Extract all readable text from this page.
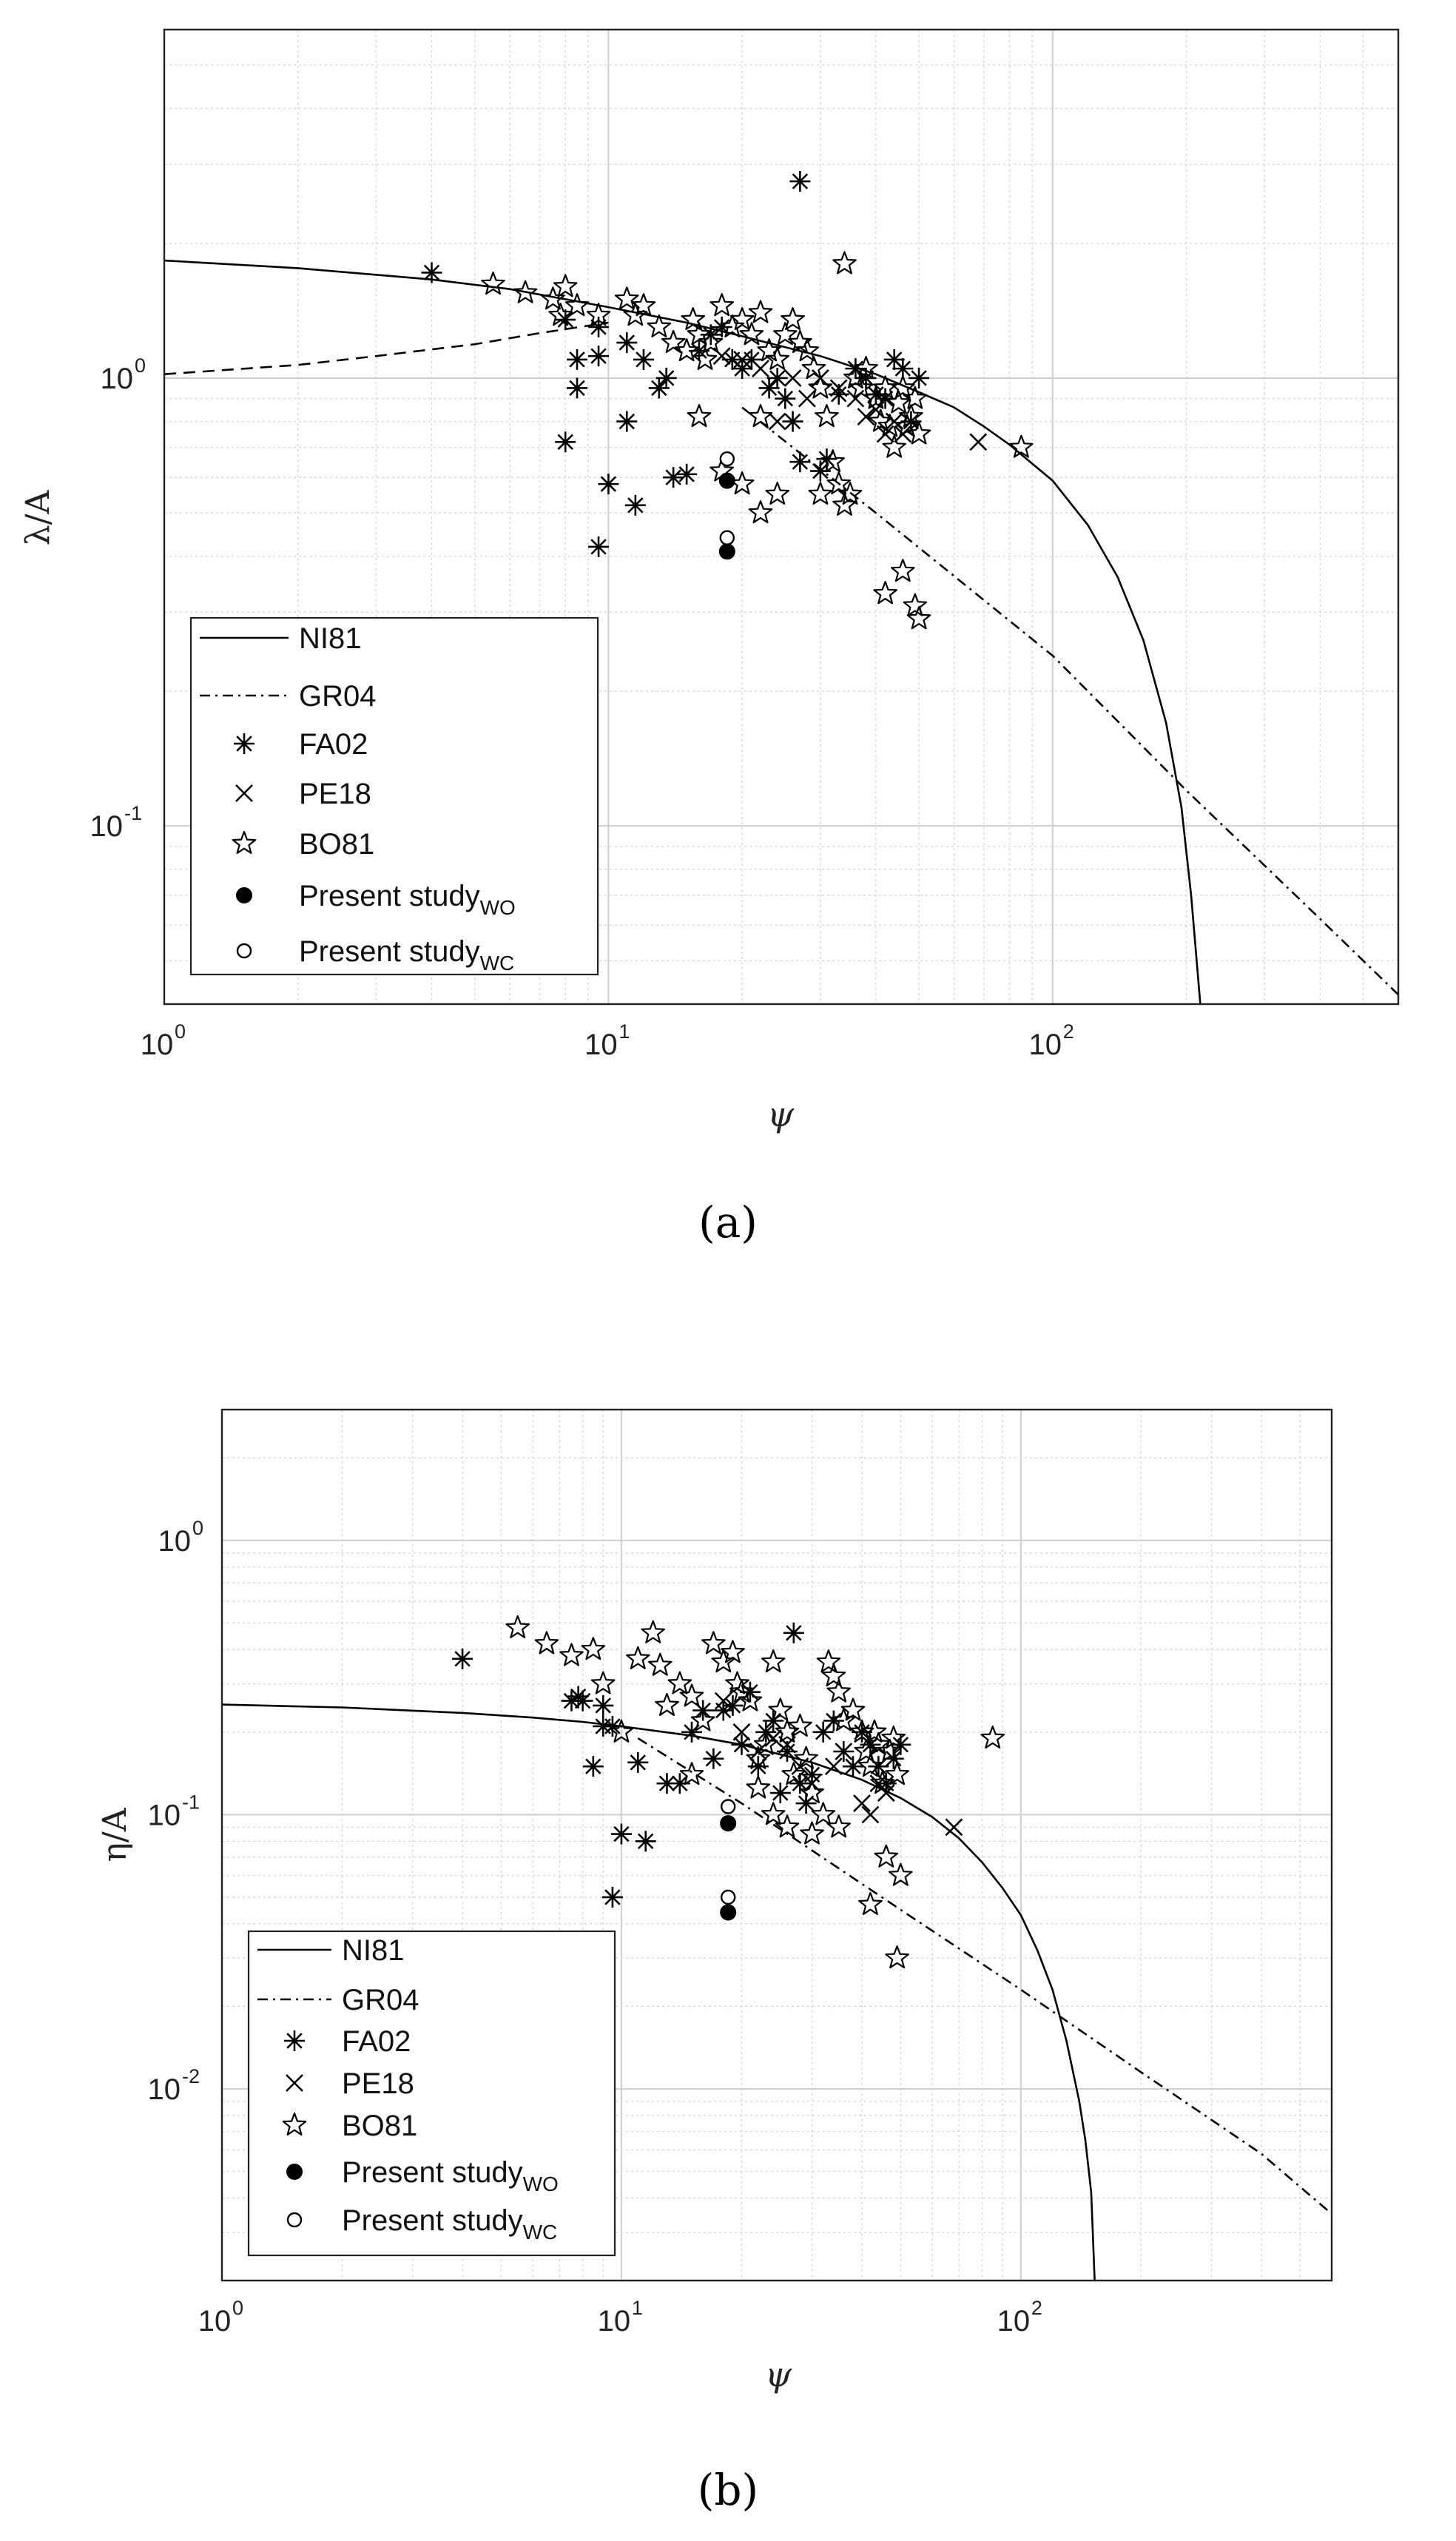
10 0	10 1	10 2
10 -1
10 0
ψ
λ/A
NI81
GR04
FA02
PE18
BO81
Present study$_{WO}$
Present study$_{WC}$
(a)
10 0	10 1	10 2
10 -2
10 -1
10 0
ψ
η/A
NI81
GR04
FA02
PE18
BO81
Present study$_{WO}$
Present study$_{WC}$
(b)
